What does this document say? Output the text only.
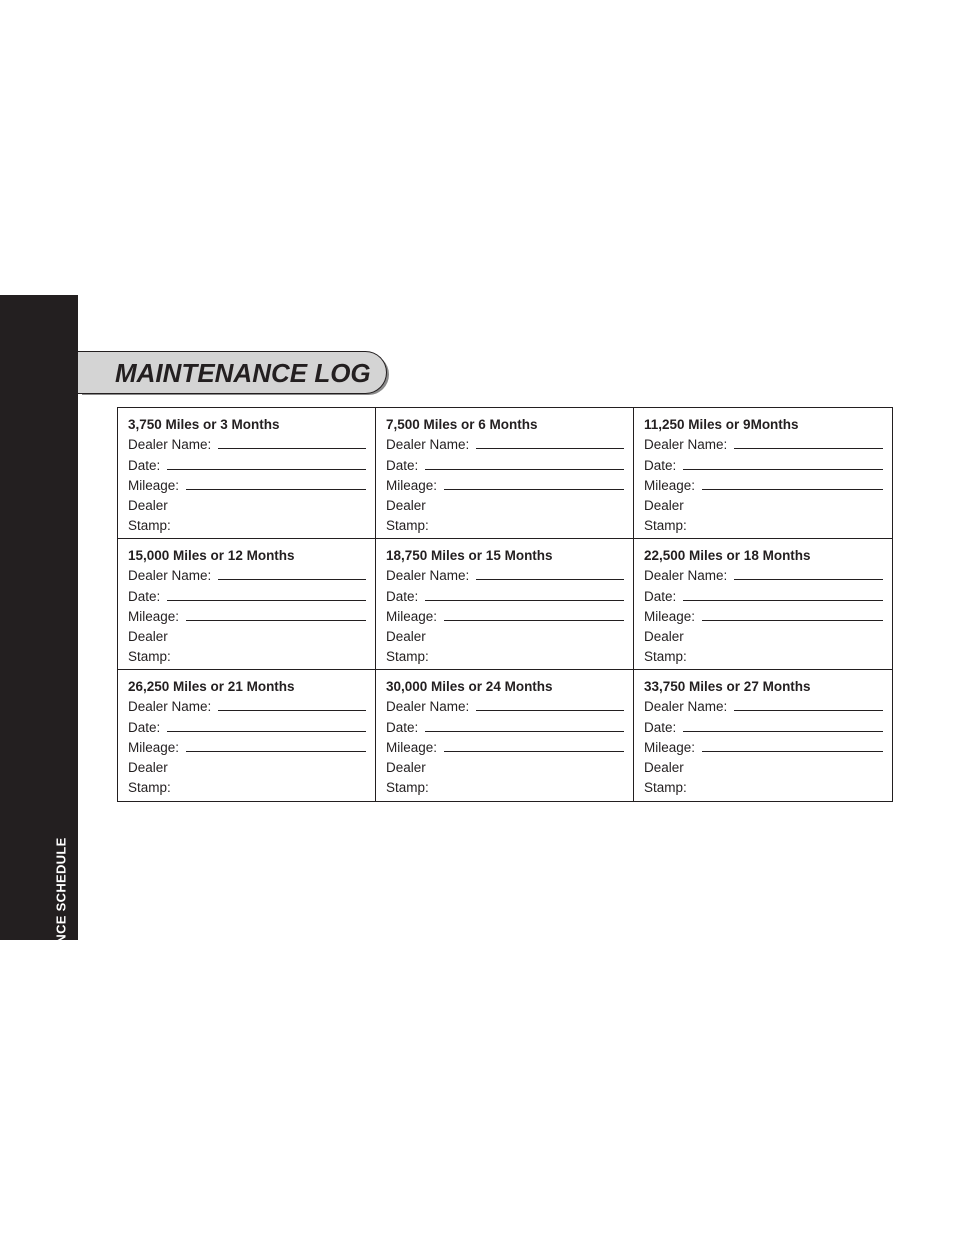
MAINTENANCE SCHEDULE
54
MAINTENANCE LOG
3,750 Miles or 3 Months
Dealer Name:
Date:
Mileage:
Dealer
Stamp:
7,500 Miles or 6 Months
Dealer Name:
Date:
Mileage:
Dealer
Stamp:
11,250 Miles or 9Months
Dealer Name:
Date:
Mileage:
Dealer
Stamp:
15,000 Miles or 12 Months
Dealer Name:
Date:
Mileage:
Dealer
Stamp:
18,750 Miles or 15 Months
Dealer Name:
Date:
Mileage:
Dealer
Stamp:
22,500 Miles or 18 Months
Dealer Name:
Date:
Mileage:
Dealer
Stamp:
26,250 Miles or 21 Months
Dealer Name:
Date:
Mileage:
Dealer
Stamp:
30,000 Miles or 24 Months
Dealer Name:
Date:
Mileage:
Dealer
Stamp:
33,750 Miles or 27 Months
Dealer Name:
Date:
Mileage:
Dealer
Stamp:
